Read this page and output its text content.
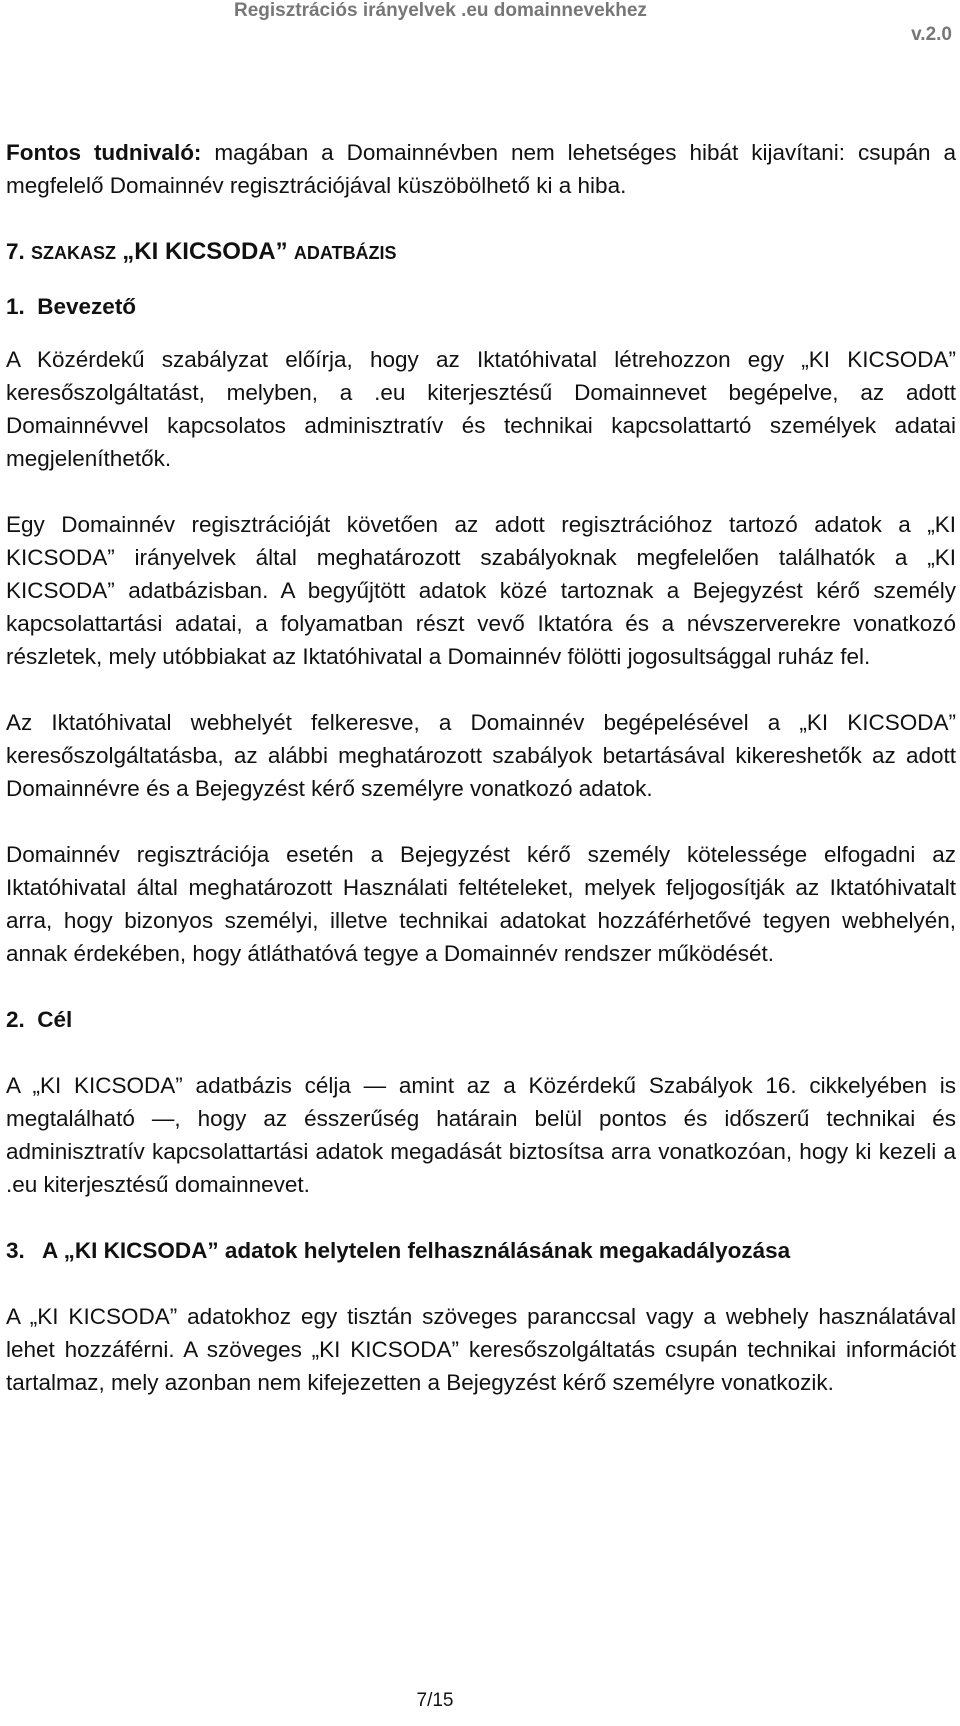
Regisztrációs irányelvek .eu domainnevekhez
v.2.0

Fontos tudnivaló: magában a Domainnévben nem lehetséges hibát kijavítani: csupán a megfelelő Domainnév regisztrációjával küszöbölhető ki a hiba.

7. SZAKASZ „KI KICSODA” ADATBÁZIS
1.  Bevezető

A Közérdekű szabályzat előírja, hogy az Iktatóhivatal létrehozzon egy „KI KICSODA” keresőszolgáltatást, melyben, a .eu kiterjesztésű Domainnevet begépelve, az adott Domainnévvel kapcsolatos adminisztratív és technikai kapcsolattartó személyek adatai megjeleníthetők.

Egy Domainnév regisztrációját követően az adott regisztrációhoz tartozó adatok a „KI KICSODA” irányelvek által meghatározott szabályoknak megfelelően találhatók a „KI KICSODA” adatbázisban. A begyűjtött adatok közé tartoznak a Bejegyzést kérő személy kapcsolattartási adatai, a folyamatban részt vevő Iktatóra és a névszerverekre vonatkozó részletek, mely utóbbiakat az Iktatóhivatal a Domainnév fölötti jogosultsággal ruház fel.

Az Iktatóhivatal webhelyét felkeresve, a Domainnév begépelésével a „KI KICSODA” keresőszolgáltatásba, az alábbi meghatározott szabályok betartásával kikereshetők az adott Domainnévre és a Bejegyzést kérő személyre vonatkozó adatok.

Domainnév regisztrációja esetén a Bejegyzést kérő személy kötelessége elfogadni az Iktatóhivatal által meghatározott Használati feltételeket, melyek feljogosítják az Iktatóhivatalt arra, hogy bizonyos személyi, illetve technikai adatokat hozzáférhetővé tegyen webhelyén, annak érdekében, hogy átláthatóvá tegye a Domainnév rendszer működését.

2.  Cél

A „KI KICSODA” adatbázis célja — amint az a Közérdekű Szabályok 16. cikkelyében is megtalálható —, hogy az ésszerűség határain belül pontos és időszerű technikai és adminisztratív kapcsolattartási adatok megadását biztosítsa arra vonatkozóan, hogy ki kezeli a .eu kiterjesztésű domainnevet.

3. A „KI KICSODA” adatok helytelen felhasználásának megakadályozása

A „KI KICSODA” adatokhoz egy tisztán szöveges paranccsal vagy a webhely használatával lehet hozzáférni. A szöveges „KI KICSODA” keresőszolgáltatás csupán technikai információt tartalmaz, mely azonban nem kifejezetten a Bejegyzést kérő személyre vonatkozik.

7/15
